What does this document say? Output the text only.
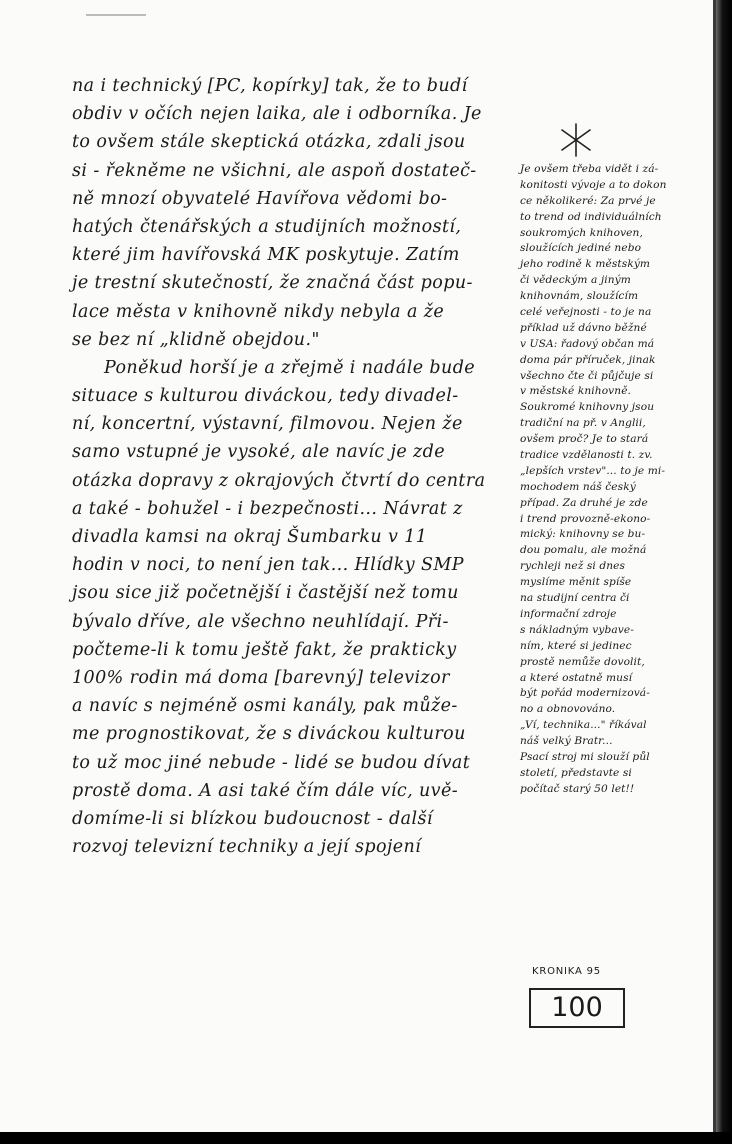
na i technický [PC, kopírky] tak, že to budí
obdiv v očích nejen laika, ale i odborníka. Je
to ovšem stále skeptická otázka, zdali jsou
si - řekněme ne všichni, ale aspoň dostateč-
ně mnozí obyvatelé Havířova vědomi bo-
hatých čtenářských a studijních možností,
které jim havířovská MK poskytuje. Zatím
je trestní skutečností, že značná část popu-
lace města v knihovně nikdy nebyla a že
se bez ní „klidně obejdou."
Poněkud horší je a zřejmě i nadále bude
situace s kulturou diváckou, tedy divadel-
ní, koncertní, výstavní, filmovou. Nejen že
samo vstupné je vysoké, ale navíc je zde
otázka dopravy z okrajových čtvrtí do centra
a také - bohužel - i bezpečnosti... Návrat z
divadla kamsi na okraj Šumbarku v 11
hodin v noci, to není jen tak... Hlídky SMP
jsou sice již početnější i častější než tomu
bývalo dříve, ale všechno neuhlídají. Při-
počteme-li k tomu ještě fakt, že prakticky
100% rodin má doma [barevný] televizor
a navíc s nejméně osmi kanály, pak může-
me prognostikovat, že s diváckou kulturou
to už moc jiné nebude - lidé se budou dívat
prostě doma. A asi také čím dále víc, uvě-
domíme-li si blízkou budoucnost - další
rozvoj televizní techniky a její spojení
Je ovšem třeba vidět i zá-
konitosti vývoje a to dokon
ce několikeré: Za prvé je
to trend od individuálních
soukromých knihoven,
sloužících jediné nebo
jeho rodině k městským
či vědeckým a jiným
knihovnám, sloužícím
celé veřejnosti - to je na
příklad už dávno běžné
v USA: řadový občan má
doma pár příruček, jinak
všechno čte či půjčuje si
v městské knihovně.
Soukromé knihovny jsou
tradiční na př. v Anglii,
ovšem proč? Je to stará
tradice vzdělanosti t. zv.
„lepších vrstev"... to je mi-
mochodem náš český
případ. Za druhé je zde
i trend provozně-ekono-
mický: knihovny se bu-
dou pomalu, ale možná
rychleji než si dnes
myslíme měnit spíše
na studijní centra či
informační zdroje
s nákladným vybave-
ním, které si jedinec
prostě nemůže dovolit,
a které ostatně musí
být pořád modernizová-
no a obnovováno.
„Ví, technika..." říkával
náš velký Bratr...
Psací stroj mi slouží půl
století, představte si
počítač starý 50 let!!
KRONIKA 95
100
